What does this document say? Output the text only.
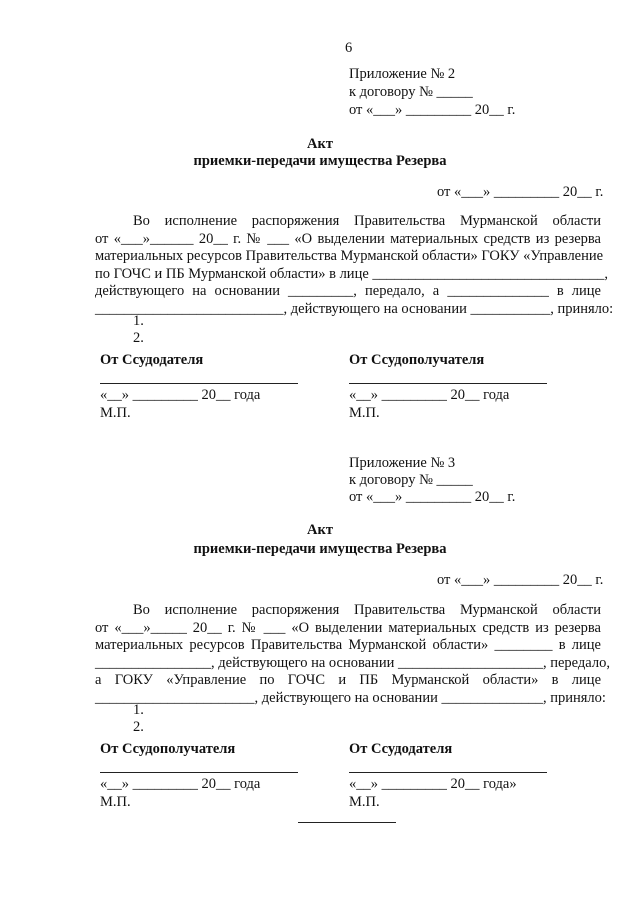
6
Приложение № 2
к договору № _____
от «___» _________ 20__ г.
Акт
приемки-передачи имущества Резерва
от «___» _________ 20__ г.
Во исполнение распоряжения Правительства Мурманской области
от «___»______ 20__ г. № ___ «О выделении материальных средств из резерва
материальных ресурсов Правительства Мурманской области» ГОКУ «Управление
по ГОЧС и ПБ Мурманской области» в лице ________________________________,
действующего на основании _________, передало, а ______________ в лице
__________________________, действующего на основании ___________, приняло:
1.
2.
От Ссудодателя	От Ссудополучателя
«__» _________ 20__ года	«__» _________ 20__ года
М.П.	М.П.
Приложение № 3
к договору № _____
от «___» _________ 20__ г.
Акт
приемки-передачи имущества Резерва
от «___» _________ 20__ г.
Во исполнение распоряжения Правительства Мурманской области
от «___»_____ 20__ г. № ___ «О выделении материальных средств из резерва
материальных ресурсов Правительства Мурманской области» ________ в лице
________________, действующего на основании ____________________, передало,
а ГОКУ «Управление по ГОЧС и ПБ Мурманской области» в лице
______________________, действующего на основании ______________, приняло:
1.
2.
От Ссудополучателя	От Ссудодателя
«__» _________ 20__ года	«__» _________ 20__ года»
М.П.	М.П.
